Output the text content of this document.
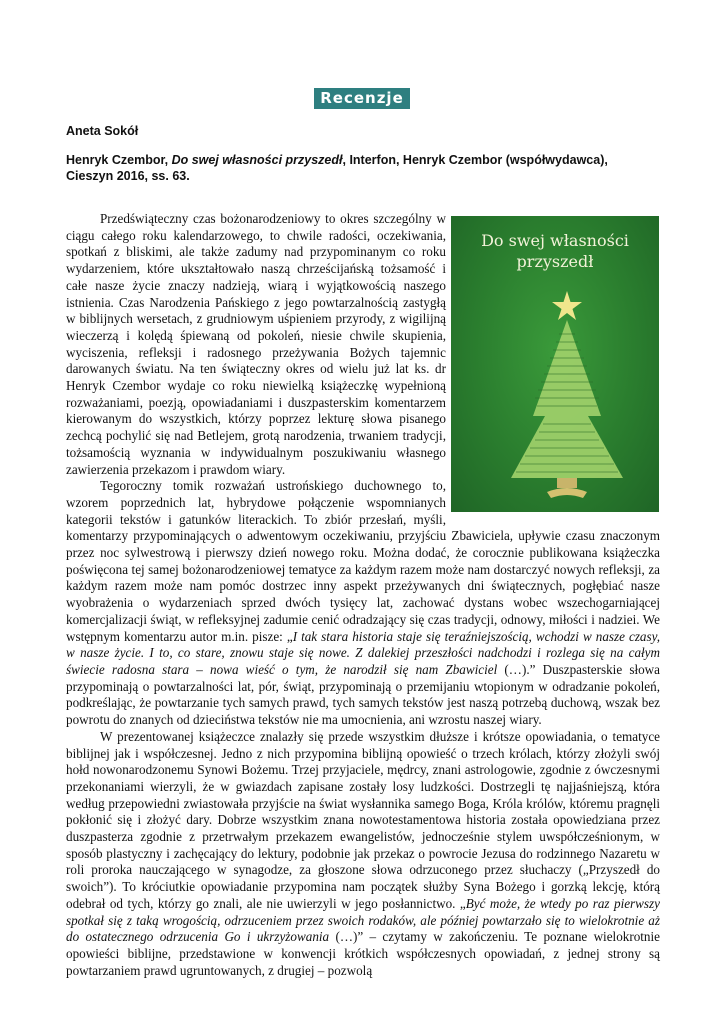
Recenzje
Aneta Sokół
Henryk Czembor, Do swej własności przyszedł, Interfon, Henryk Czembor (współwydawca), Cieszyn 2016, ss. 63.
Do swej własności
przyszedł

Przedświąteczny czas bożonarodzeniowy to okres szczególny w ciągu całego roku kalendarzowego, to chwile radości, oczekiwania, spotkań z bliskimi, ale także zadumy nad przypominanym co roku wydarzeniem, które ukształtowało naszą chrześcijańską tożsamość i całe nasze życie znaczy nadzieją, wiarą i wyjątkowością naszego istnienia. Czas Narodzenia Pańskiego z jego powtarzalnością zastygłą w biblijnych wersetach, z grudniowym uśpieniem przyrody, z wigilijną wieczerzą i kolędą śpiewaną od pokoleń, niesie chwile skupienia, wyciszenia, refleksji i radosnego przeżywania Bożych tajemnic darowanych światu. Na ten świąteczny okres od wielu już lat ks. dr Henryk Czembor wydaje co roku niewielką książeczkę wypełnioną rozważaniami, poezją, opowiadaniami i duszpasterskim komentarzem kierowanym do wszystkich, którzy poprzez lekturę słowa pisanego zechcą pochylić się nad Betlejem, grotą narodzenia, trwaniem tradycji, tożsamością wyznania w indywidualnym poszukiwaniu własnego zawierzenia przekazom i prawdom wiary.

Tegoroczny tomik rozważań ustrońskiego duchownego to, wzorem poprzednich lat, hybrydowe połączenie wspomnianych kategorii tekstów i gatunków literackich. To zbiór przesłań, myśli, komentarzy przypominających o adwentowym oczekiwaniu, przyjściu Zbawiciela, upływie czasu znaczonym przez noc sylwestrową i pierwszy dzień nowego roku. Można dodać, że corocznie publikowana książeczka poświęcona tej samej bożonarodzeniowej tematyce za każdym razem może nam dostarczyć nowych refleksji, za każdym razem może nam pomóc dostrzec inny aspekt przeżywanych dni świątecznych, pogłębiać nasze wyobrażenia o wydarzeniach sprzed dwóch tysięcy lat, zachować dystans wobec wszechogarniającej komercjalizacji świąt, w refleksyjnej zadumie cenić odradzający się czas tradycji, odnowy, miłości i nadziei. We wstępnym komentarzu autor m.in. pisze: „I tak stara historia staje się teraźniejszością, wchodzi w nasze czasy, w nasze życie. I to, co stare, znowu staje się nowe. Z dalekiej przeszłości nadchodzi i rozlega się na całym świecie radosna stara – nowa wieść o tym, że narodził się nam Zbawiciel (…).” Duszpasterskie słowa przypominają o powtarzalności lat, pór, świąt, przypominają o przemijaniu wtopionym w odradzanie pokoleń, podkreślając, że powtarzanie tych samych prawd, tych samych tekstów jest naszą potrzebą duchową, wszak bez powrotu do znanych od dzieciństwa tekstów nie ma umocnienia, ani wzrostu naszej wiary.

W prezentowanej książeczce znalazły się przede wszystkim dłuższe i krótsze opowiadania, o tematyce biblijnej jak i współczesnej. Jedno z nich przypomina biblijną opowieść o trzech królach, którzy złożyli swój hołd nowonarodzonemu Synowi Bożemu. Trzej przyjaciele, mędrcy, znani astrologowie, zgodnie z ówczesnymi przekonaniami wierzyli, że w gwiazdach zapisane zostały losy ludzkości. Dostrzegli tę najjaśniejszą, która według przepowiedni zwiastowała przyjście na świat wysłannika samego Boga, Króla królów, któremu pragnęli pokłonić się i złożyć dary. Dobrze wszystkim znana nowotestamentowa historia została opowiedziana przez duszpasterza zgodnie z przetrwałym przekazem ewangelistów, jednocześnie stylem uwspółcześnionym, w sposób plastyczny i zachęcający do lektury, podobnie jak przekaz o powrocie Jezusa do rodzinnego Nazaretu w roli proroka nauczającego w synagodze, za głoszone słowa odrzuconego przez słuchaczy („Przyszedł do swoich”). To króciutkie opowiadanie przypomina nam początek służby Syna Bożego i gorzką lekcję, którą odebrał od tych, którzy go znali, ale nie uwierzyli w jego posłannictwo. „Być może, że wtedy po raz pierwszy spotkał się z taką wrogością, odrzuceniem przez swoich rodaków, ale później powtarzało się to wielokrotnie aż do ostatecznego odrzucenia Go i ukrzyżowania (…)” – czytamy w zakończeniu. Te poznane wielokrotnie opowieści biblijne, przedstawione w konwencji krótkich współczesnych opowiadań, z jednej strony są powtarzaniem prawd ugruntowanych, z drugiej – pozwolą
